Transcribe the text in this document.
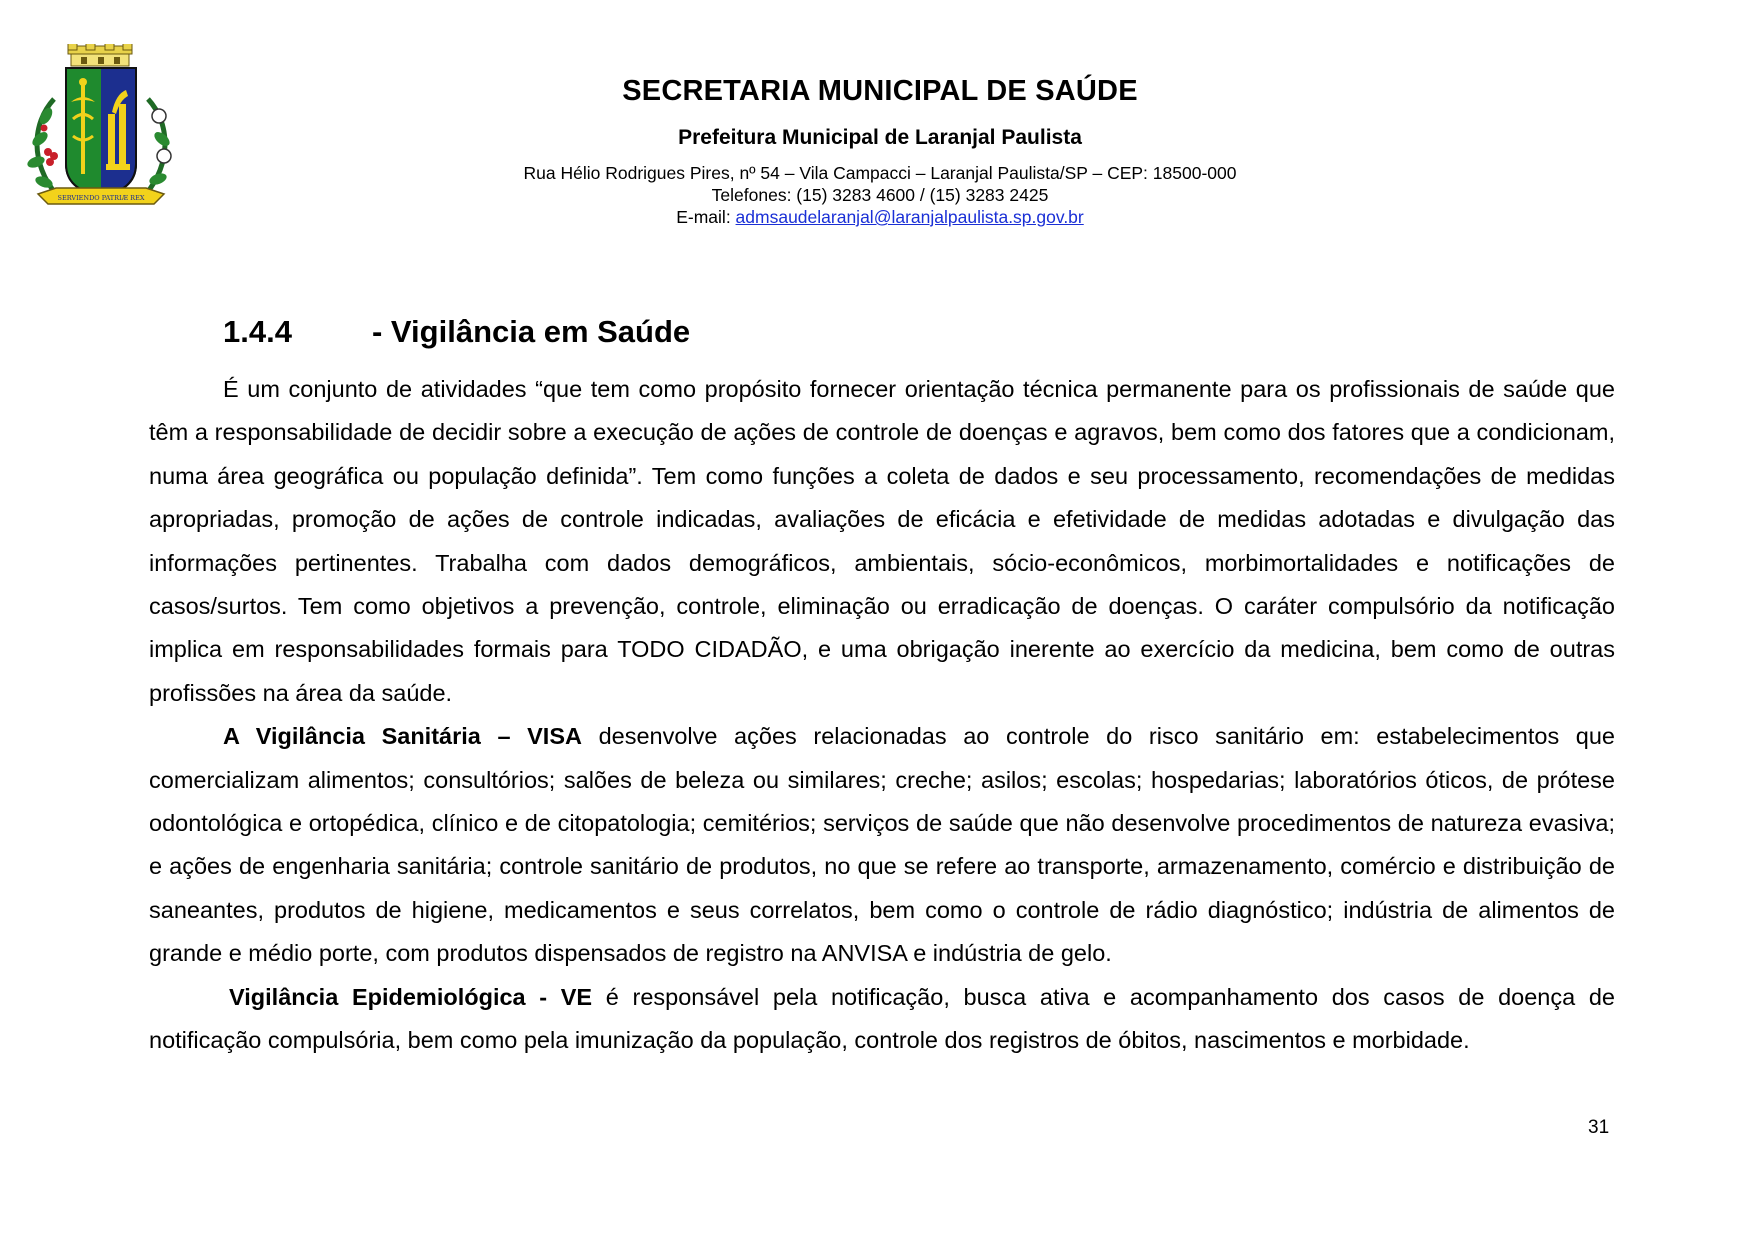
SERVIENDO PATRIÆ REX

SECRETARIA MUNICIPAL DE SAÚDE

Prefeitura Municipal de Laranjal Paulista

Rua Hélio Rodrigues Pires, nº 54 – Vila Campacci – Laranjal Paulista/SP – CEP: 18500-000

Telefones: (15) 3283 4600 / (15) 3283 2425

E-mail: admsaudelaranjal@laranjalpaulista.sp.gov.br

1.4.4	- Vigilância em Saúde

É um conjunto de atividades “que tem como propósito fornecer orientação técnica permanente para os profissionais de saúde que têm a responsabilidade de decidir sobre a execução de ações de controle de doenças e agravos, bem como dos fatores que a condicionam, numa área geográfica ou população definida”. Tem como funções a coleta de dados e seu processamento, recomendações de medidas apropriadas, promoção de ações de controle indicadas, avaliações de eficácia e efetividade de medidas adotadas e divulgação das informações pertinentes. Trabalha com dados demográficos, ambientais, sócio-econômicos, morbimortalidades e notificações de casos/surtos. Tem como objetivos a prevenção, controle, eliminação ou erradicação de doenças. O caráter compulsório da notificação implica em responsabilidades formais para TODO CIDADÃO, e uma obrigação inerente ao exercício da medicina, bem como de outras profissões na área da saúde.

A Vigilância Sanitária – VISA desenvolve ações relacionadas ao controle do risco sanitário em: estabelecimentos que comercializam alimentos; consultórios; salões de beleza ou similares; creche; asilos; escolas; hospedarias; laboratórios óticos, de prótese odontológica e ortopédica, clínico e de citopatologia; cemitérios; serviços de saúde que não desenvolve procedimentos de natureza evasiva; e ações de engenharia sanitária; controle sanitário de produtos, no que se refere ao transporte, armazenamento, comércio e distribuição de saneantes, produtos de higiene, medicamentos e seus correlatos, bem como o controle de rádio diagnóstico; indústria de alimentos de grande e médio porte, com produtos dispensados de registro na ANVISA e indústria de gelo.

Vigilância Epidemiológica - VE é responsável pela notificação, busca ativa e acompanhamento dos casos de doença de notificação compulsória, bem como pela imunização da população, controle dos registros de óbitos, nascimentos e morbidade.

31
